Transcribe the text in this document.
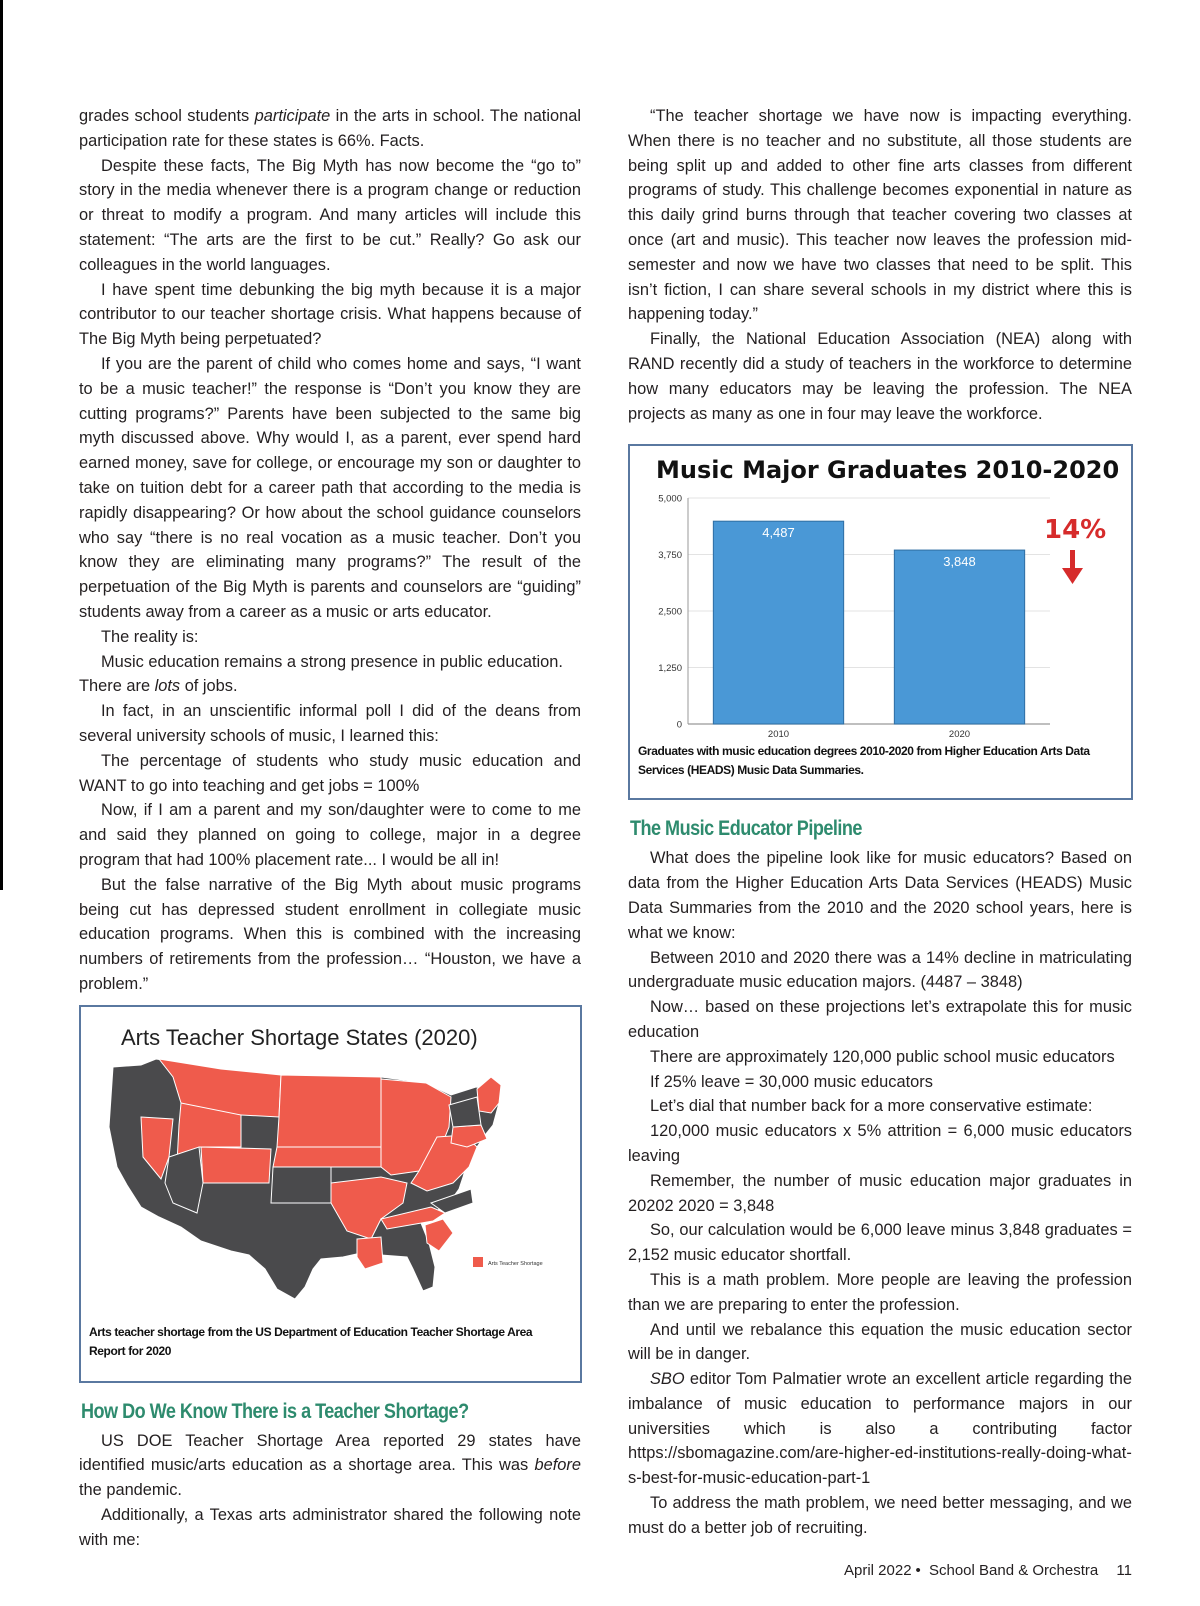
grades school students participate in the arts in school. The national participation rate for these states is 66%. Facts.

Despite these facts, The Big Myth has now become the “go to” story in the media whenever there is a program change or reduction or threat to modify a program. And many articles will include this statement: “The arts are the first to be cut.” Really? Go ask our colleagues in the world languages.

I have spent time debunking the big myth because it is a major contributor to our teacher shortage crisis. What happens because of The Big Myth being perpetuated?

If you are the parent of child who comes home and says, “I want to be a music teacher!” the response is “Don’t you know they are cutting programs?” Parents have been subjected to the same big myth discussed above. Why would I, as a parent, ever spend hard earned money, save for college, or encourage my son or daughter to take on tuition debt for a career path that according to the media is rapidly disappearing? Or how about the school guidance counselors who say “there is no real vocation as a music teacher. Don’t you know they are eliminating many programs?” The result of the perpetuation of the Big Myth is parents and counselors are “guiding” students away from a career as a music or arts educator.

The reality is:

Music education remains a strong presence in public education.

There are lots of jobs.

In fact, in an unscientific informal poll I did of the deans from several university schools of music, I learned this:

The percentage of students who study music education and WANT to go into teaching and get jobs = 100%

Now, if I am a parent and my son/daughter were to come to me and said they planned on going to college, major in a degree program that had 100% placement rate... I would be all in!

But the false narrative of the Big Myth about music programs being cut has depressed student enrollment in collegiate music education programs. When this is combined with the increasing numbers of retirements from the profession… “Houston, we have a problem.”

Arts Teacher Shortage States (2020)
Arts Teacher Shortage
Arts teacher shortage from the US Department of Education Teacher Shortage Area Report for 2020
How Do We Know There is a Teacher Shortage?

US DOE Teacher Shortage Area reported 29 states have identified music/arts education as a shortage area. This was before the pandemic.

Additionally, a Texas arts administrator shared the following note with me:

“The teacher shortage we have now is impacting everything. When there is no teacher and no substitute, all those students are being split up and added to other fine arts classes from different programs of study. This challenge becomes exponential in nature as this daily grind burns through that teacher covering two classes at once (art and music). This teacher now leaves the profession mid-semester and now we have two classes that need to be split. This isn’t fiction, I can share several schools in my district where this is happening today.”

Finally, the National Education Association (NEA) along with RAND recently did a study of teachers in the workforce to determine how many educators may be leaving the profession. The NEA projects as many as one in four may leave the workforce.

Music Major Graduates 2010-2020
0
1,250
2,500
3,750
5,000
4,487
3,848
2010	2020
14%
Graduates with music education degrees 2010-2020 from Higher Education Arts Data Services (HEADS) Music Data Summaries.
The Music Educator Pipeline

What does the pipeline look like for music educators? Based on data from the Higher Education Arts Data Services (HEADS) Music Data Summaries from the 2010 and the 2020 school years, here is what we know:

Between 2010 and 2020 there was a 14% decline in matriculating undergraduate music education majors. (4487 – 3848)

Now… based on these projections let’s extrapolate this for music education

There are approximately 120,000 public school music educators

If 25% leave = 30,000 music educators

Let’s dial that number back for a more conservative estimate:

120,000 music educators x 5% attrition = 6,000 music educators leaving

Remember, the number of music education major graduates in 20202 2020 = 3,848

So, our calculation would be 6,000 leave minus 3,848 graduates = 2,152 music educator shortfall.

This is a math problem. More people are leaving the profession than we are preparing to enter the profession.

And until we rebalance this equation the music education sector will be in danger.

SBO editor Tom Palmatier wrote an excellent article regarding the imbalance of music education to performance majors in our universities which is also a contributing factor https://sbomagazine.com/are-higher-ed-institutions-really-doing-what-s-best-for-music-education-part-1

To address the math problem, we need better messaging, and we must do a better job of recruiting.

April 2022 • School Band & Orchestra 11
